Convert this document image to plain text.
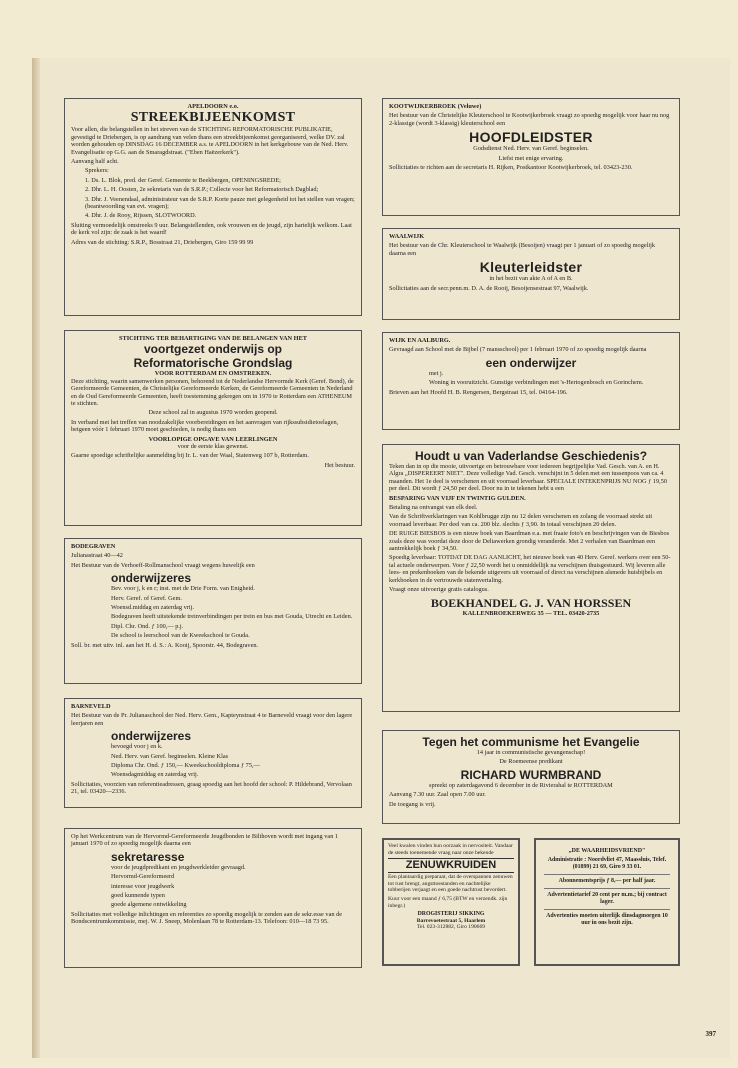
APELDOORN e.o.
STREEKBIJEENKOMST

Voor allen, die belangstellen in het streven van de STICHTING REFORMATORISCHE PUBLIKATIE, gevestigd te Driebergen, is op aandrang van velen thans een streekbijeenkomst georganiseerd, welke DV. zal worden gehouden op DINSDAG 16 DECEMBER a.s. te APELDOORN in het kerkgebouw van de Ned. Herv. Evangelisatie op G.G. aan de Smaragdstraat. ("Eben Haëzerkerk").

Aanvang half acht.

Sprekers:

1. Ds. L. Blok, pred. der Geref. Gemeente te Beekbergen, OPENINGSREDE;

2. Dhr. L. H. Oosten, 2e sekretaris van de S.R.P.; Collecte voor het Reformatorisch Dagblad;

3. Dhr. J. Veenendaal, administrateur van de S.R.P. Korte pauze met gelegenheid tot het stellen van vragen; (beantwoording van evt. vragen);

4. Dhr. J. de Rooy, Rijssen, SLOTWOORD.

Sluiting vermoedelijk omstreeks 9 uur. Belangstellenden, ook vrouwen en de jeugd, zijn hartelijk welkom. Laat de kerk vol zijn: de zaak is het waard!

Adres van de stichting: S.R.P., Bosstraat 21, Driebergen, Giro 159 99 99

STICHTING TER BEHARTIGING VAN DE BELANGEN VAN HET
voortgezet onderwijs op
Reformatorische Grondslag
VOOR ROTTERDAM EN OMSTREKEN.

Deze stichting, waarin samenwerken personen, behorend tot de Nederlandse Hervormde Kerk (Geref. Bond), de Gereformeerde Gemeenten, de Christelijke Gereformeerde Kerken, de Gereformeerde Gemeenten in Nederland en de Oud Gereformeerde Gemeenten, heeft toestemming gekregen om in 1970 te Rotterdam een ATHENEUM te stichten.

Deze school zal in augustus 1970 worden geopend.

In verband met het treffen van noodzakelijke voorbereidingen en het aanvragen van rijkssubsidietoelagen, betgeen vóór 1 februari 1970 moet geschieden, is nodig thans een

VOORLOPIGE OPGAVE VAN LEERLINGEN

voor de eerste klas gewenst.

Gaarne spoedige schriftelijke aanmelding bij Ir. L. van der Waal, Statenweg 107 b, Rotterdam.

Het bestuur.

BODEGRAVEN

Julianastraat 40—42

Het Bestuur van de Verhoeff-Rollmanschool vraagt wegens huwelijk een

onderwijzeres

Bev. voor j, k en r; inst. met de Drie Form. van Enigheid.

Herv. Geref. of Geref. Gem.

Woensd.middag en zaterdag vrij.

Bodegraven heeft uitstekende treinverbindingen per trein en bus met Gouda, Utrecht en Leiden.

Dipl. Chr. Ond. ƒ 100,— p.j.

De school is leerschool van de Kweekschool te Gouda.

Soll. br. met uitv. inl. aan het H. d. S.: A. Kooij, Spoorstr. 44, Bodegraven.

BARNEVELD

Het Bestuur van de Pr. Julianaschool der Ned. Herv. Gem., Kapteynstraat 4 te Barneveld vraagt voor den lagere leerjaren een

onderwijzeres

bevoegd voor j en k.

Ned. Herv. van Geref. beginselen. Kleine Klas

Diploma Chr. Ond. ƒ 150,— Kweekschooldiploma ƒ 75,—

Woensdagmiddag en zaterdag vrij.

Sollicitaties, voorzien van referentieadressen, graag spoedig aan het hoofd der school: P. Hildebrand, Vervolaan 21, tel. 03420—2336.

Op het Werkcentrum van de Hervormd-Gereformeerde Jeugdbonden te Bilthoven wordt met ingang van 1 januari 1970 of zo spoedig mogelijk daarna een

sekretaresse

voor de jeugdpredikant en jeugdwerkleider gevraagd.

Hervormd-Gereformeerd

interesse voor jeugdwerk

goed kunnende typen

goede algemene ontwikkeling

Sollicitaties met volledige inlichtingen en referenties zo spoedig mogelijk te zenden aan de sekr.esse van de Bondscentrumkommissie, mej. W. J. Sneep, Molenlaan 78 te Rotterdam-13. Telefoon: 010—18 73 95.

KOOTWIJKERBROEK (Veluwe)

Het bestuur van de Christelijke Kleuterschool te Kootwijkerbroek vraagt zo spoedig mogelijk voor haar nu nog 2-klassige (wordt 3-klassig) kleuterschool een

HOOFDLEIDSTER

Godsdienst Ned. Herv. van Geref. beginselen.

Liefst met enige ervaring.

Sollicitaties te richten aan de secretaris H. Rijken, Postkantoor Kootwijkerbroek, tel. 03423-230.

WAALWIJK

Het bestuur van de Chr. Kleuterschool te Waalwijk (Besoijen) vraagt per 1 januari of zo spoedig mogelijk daarna een

Kleuterleidster

in het bezit van akte A of A en B.

Sollicitaties aan de secr.penn.m. D. A. de Rooij, Besoijensestraat 97, Waalwijk.

WIJK EN AALBURG.

Gevraagd aan School met de Bijbel (7 mansschool) per 1 februari 1970 of zo spoedig mogelijk daarna

een onderwijzer

met j.

Woning in vooruitzicht. Gunstige verbindingen met 's-Hertogenbosch en Gorinchem.

Brieven aan het Hoofd H. B. Rengersen, Bergstraat 15, tel. 04164-196.

Houdt u van Vaderlandse Geschiedenis?

Teken dan in op die mooie, uitvoerige en betrouwbare voor iedereen begrijpelijke Vad. Gesch. van A. en H. Algra „DISPEREERT NIET". Deze volledige Vad. Gesch. verschijnt in 5 delen met een tussenpoos van ca. 4 maanden. Het 1e deel is verschenen en uit voorraad leverbaar. SPECIALE INTEKENPRIJS NU NOG ƒ 19,50 per deel. Dit wordt ƒ 24,50 per deel. Door nu in te tekenen hebt u een

BESPARING VAN VIJF EN TWINTIG GULDEN.

Betaling na ontvangst van elk deel.

Van de Schriftverklaringen van Kohlbrugge zijn nu 12 delen verschenen en zolang de voorraad strekt uit voorraad leverbaar. Per deel van ca. 200 blz. slechts ƒ 3,90. In totaal verschijnen 20 delen.

DE RUIGE BIESBOS is een nieuw boek van Baardman e.a. met fraaie foto's en beschrijvingen van de Biesbos zoals deze was voordat deze door de Deltawerken grondig veranderde. Met 2 verhalen van Baardman een aantrekkelijk boek ƒ 34,50.

Spoedig leverbaar: TOTDAT DE DAG AANLICHT, het nieuwe boek van 40 Herv. Geref. werkers over een 50-tal actuele onderwerpen. Voor ƒ 22,50 wordt het u onmiddellijk na verschijnen thuisgestuurd. Wij leveren alle lees- en prekenboeken van de bekende uitgevers uit voorraad of direct na verschijnen alsmede huisbijbels en kerkboeken in de vertrouwde statenvertaling.

Vraagt onze uitvoerige gratis catalogus.

BOEKHANDEL G. J. VAN HORSSEN
KALLENBROEKERWEG 35 — TEL. 03420-2735
Tegen het communisme het Evangelie

14 jaar in communistische gevangenschap!

De Roemeense predikant

RICHARD WURMBRAND

spreekt op zaterdagavond 6 december in de Rivierahal te ROTTERDAM

Aanvang 7.30 uur. Zaal open 7.00 uur.

De toegang is vrij.

Veel kwalen vinden hun oorzaak in nervositeit. Vandaar de steeds toenemende vraag naar onze bekende

ZENUWKRUIDEN

Een plantaardig preparaat, dat de overspannen zenuwen tot rust brengt, angsttoestanden en nachtelijke tobberijen verjaagt en een goede nachtrust bevordert.

Kuur voor een maand ƒ 6,75 (BTW en verzendk. zijn inbegr.)

DROGISTERIJ SIKKING
Barrevoetestraat 5, Haarlem
Tel. 023-312882, Giro 190669

„DE WAARHEIDSVRIEND"

Administratie : Noordvliet 47, Maassluis, Telef. (01899) 21 69, Giro 9 33 01.

Abonnementsprijs ƒ 8,— per half jaar.

Advertentietarief 20 cent per m.m.; bij contract lager.

Advertenties moeten uiterlijk dinsdagmorgen 10 uur in ons bezit zijn.

397
